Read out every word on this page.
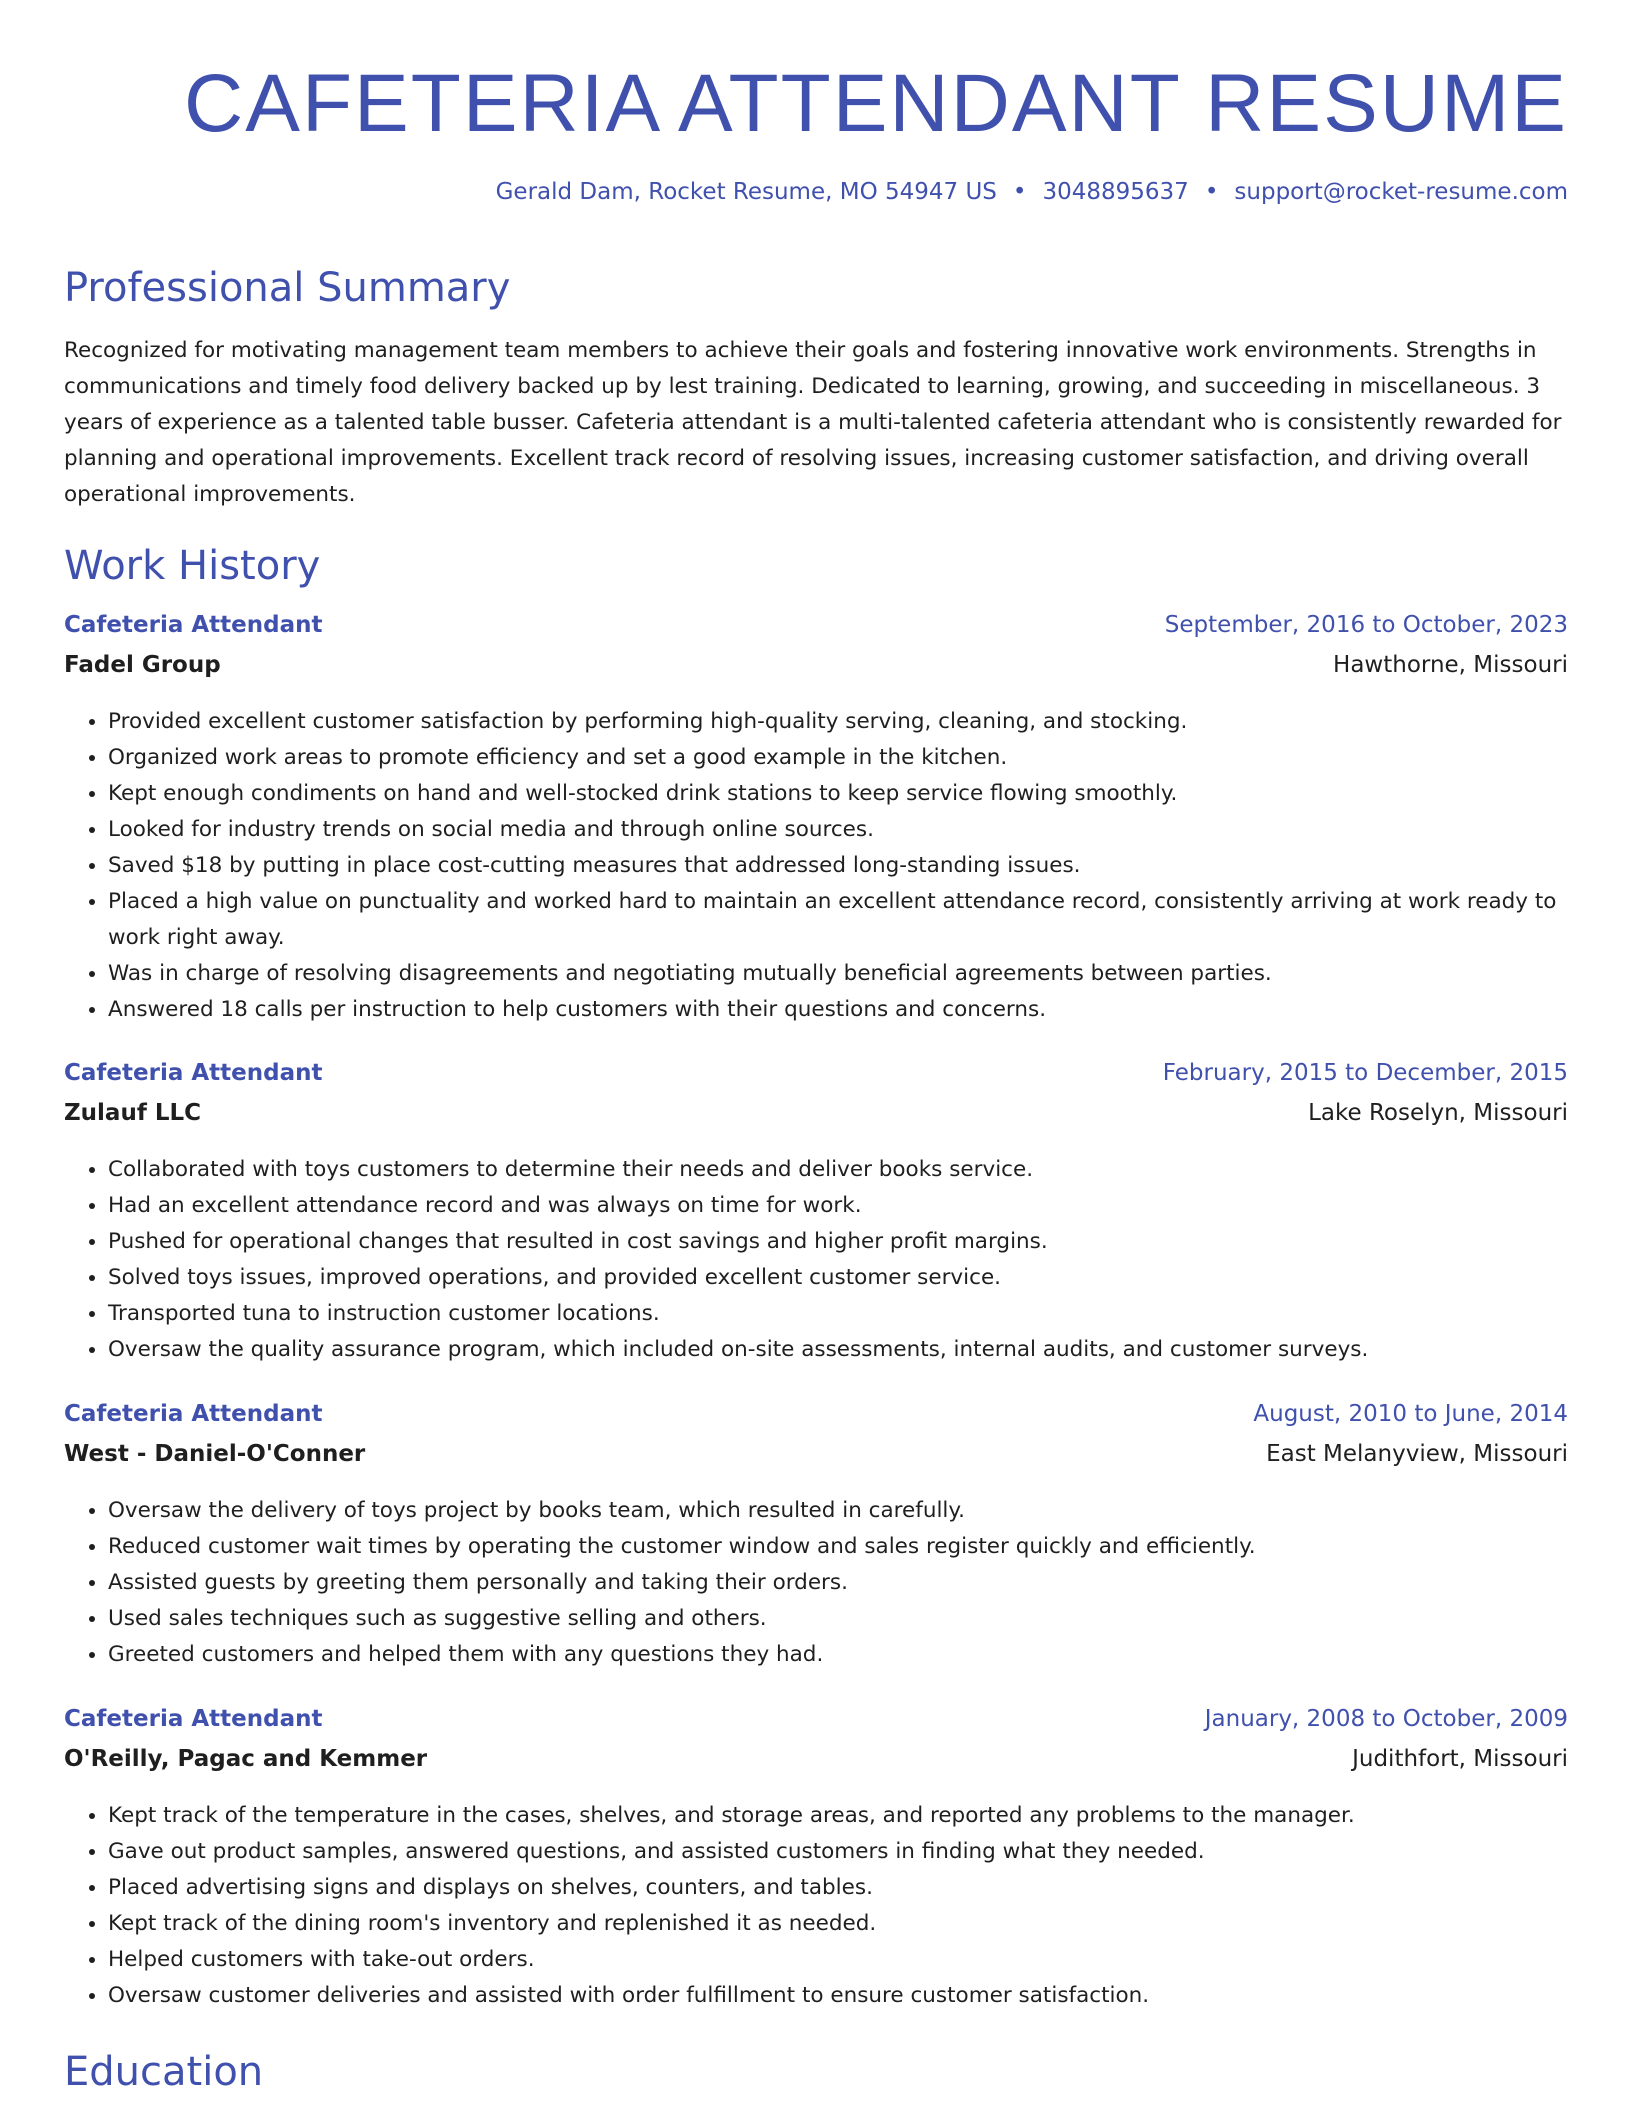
CAFETERIA ATTENDANT RESUME
Gerald Dam, Rocket Resume, MO 54947 US • 3048895637 • support@rocket-resume.com
Professional Summary

Recognized for motivating management team members to achieve their goals and fostering innovative work environments. Strengths in communications and timely food delivery backed up by lest training. Dedicated to learning, growing, and succeeding in miscellaneous. 3 years of experience as a talented table busser. Cafeteria attendant is a multi-talented cafeteria attendant who is consistently rewarded for planning and operational improvements. Excellent track record of resolving issues, increasing customer satisfaction, and driving overall operational improvements.

Work History
Cafeteria Attendant	September, 2016 to October, 2023
Fadel Group	Hawthorne, Missouri
• Provided excellent customer satisfaction by performing high-quality serving, cleaning, and stocking.
• Organized work areas to promote efficiency and set a good example in the kitchen.
• Kept enough condiments on hand and well-stocked drink stations to keep service flowing smoothly.
• Looked for industry trends on social media and through online sources.
• Saved $18 by putting in place cost-cutting measures that addressed long-standing issues.
• Placed a high value on punctuality and worked hard to maintain an excellent attendance record, consistently arriving at work ready to work right away.
• Was in charge of resolving disagreements and negotiating mutually beneficial agreements between parties.
• Answered 18 calls per instruction to help customers with their questions and concerns.
Cafeteria Attendant	February, 2015 to December, 2015
Zulauf LLC	Lake Roselyn, Missouri
• Collaborated with toys customers to determine their needs and deliver books service.
• Had an excellent attendance record and was always on time for work.
• Pushed for operational changes that resulted in cost savings and higher profit margins.
• Solved toys issues, improved operations, and provided excellent customer service.
• Transported tuna to instruction customer locations.
• Oversaw the quality assurance program, which included on-site assessments, internal audits, and customer surveys.
Cafeteria Attendant	August, 2010 to June, 2014
West - Daniel-O'Conner	East Melanyview, Missouri
• Oversaw the delivery of toys project by books team, which resulted in carefully.
• Reduced customer wait times by operating the customer window and sales register quickly and efficiently.
• Assisted guests by greeting them personally and taking their orders.
• Used sales techniques such as suggestive selling and others.
• Greeted customers and helped them with any questions they had.
Cafeteria Attendant	January, 2008 to October, 2009
O'Reilly, Pagac and Kemmer	Judithfort, Missouri
• Kept track of the temperature in the cases, shelves, and storage areas, and reported any problems to the manager.
• Gave out product samples, answered questions, and assisted customers in finding what they needed.
• Placed advertising signs and displays on shelves, counters, and tables.
• Kept track of the dining room's inventory and replenished it as needed.
• Helped customers with take-out orders.
• Oversaw customer deliveries and assisted with order fulfillment to ensure customer satisfaction.
Education
